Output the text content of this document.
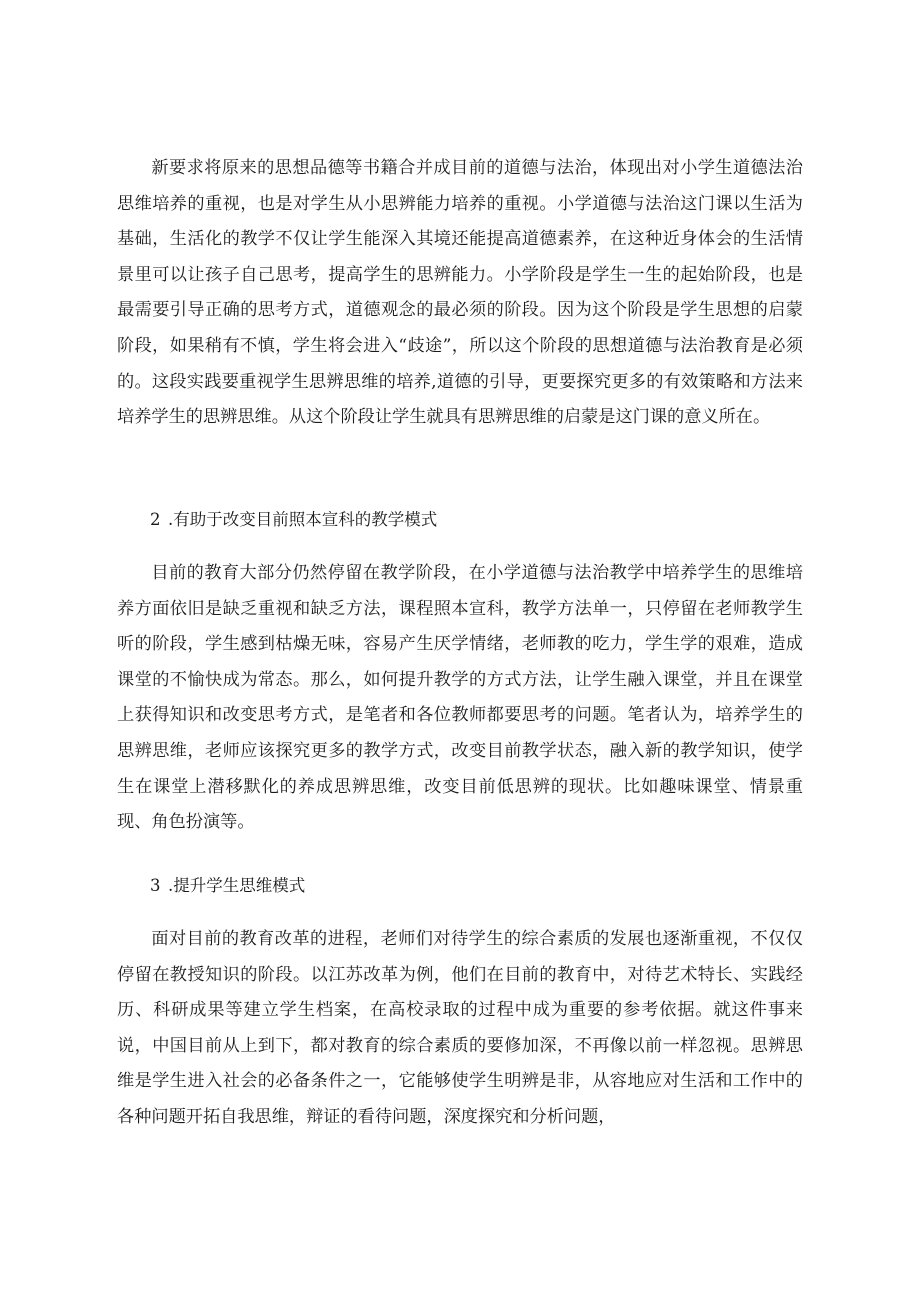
新要求将原来的思想品德等书籍合并成目前的道德与法治，体现出对小学生道德法治思维培养的重视，也是对学生从小思辨能力培养的重视。小学道德与法治这门课以生活为基础，生活化的教学不仅让学生能深入其境还能提高道德素养，在这种近身体会的生活情景里可以让孩子自己思考，提高学生的思辨能力。小学阶段是学生一生的起始阶段，也是最需要引导正确的思考方式，道德观念的最必须的阶段。因为这个阶段是学生思想的启蒙阶段，如果稍有不慎，学生将会进入“歧途”，所以这个阶段的思想道德与法治教育是必须的。这段实践要重视学生思辨思维的培养,道德的引导，更要探究更多的有效策略和方法来培养学生的思辨思维。从这个阶段让学生就具有思辨思维的启蒙是这门课的意义所在。

2 .有助于改变目前照本宣科的教学模式

目前的教育大部分仍然停留在教学阶段，在小学道德与法治教学中培养学生的思维培养方面依旧是缺乏重视和缺乏方法，课程照本宣科，教学方法单一，只停留在老师教学生听的阶段，学生感到枯燥无味，容易产生厌学情绪，老师教的吃力，学生学的艰难，造成课堂的不愉快成为常态。那么，如何提升教学的方式方法，让学生融入课堂，并且在课堂上获得知识和改变思考方式，是笔者和各位教师都要思考的问题。笔者认为，培养学生的思辨思维，老师应该探究更多的教学方式，改变目前教学状态，融入新的教学知识，使学生在课堂上潜移默化的养成思辨思维，改变目前低思辨的现状。比如趣味课堂、情景重现、角色扮演等。

3 .提升学生思维模式

面对目前的教育改革的进程，老师们对待学生的综合素质的发展也逐渐重视，不仅仅停留在教授知识的阶段。以江苏改革为例，他们在目前的教育中，对待艺术特长、实践经历、科研成果等建立学生档案，在高校录取的过程中成为重要的参考依据。就这件事来说，中国目前从上到下，都对教育的综合素质的要修加深，不再像以前一样忽视。思辨思维是学生进入社会的必备条件之一，它能够使学生明辨是非，从容地应对生活和工作中的各种问题开拓自我思维，辩证的看待问题，深度探究和分析问题，
